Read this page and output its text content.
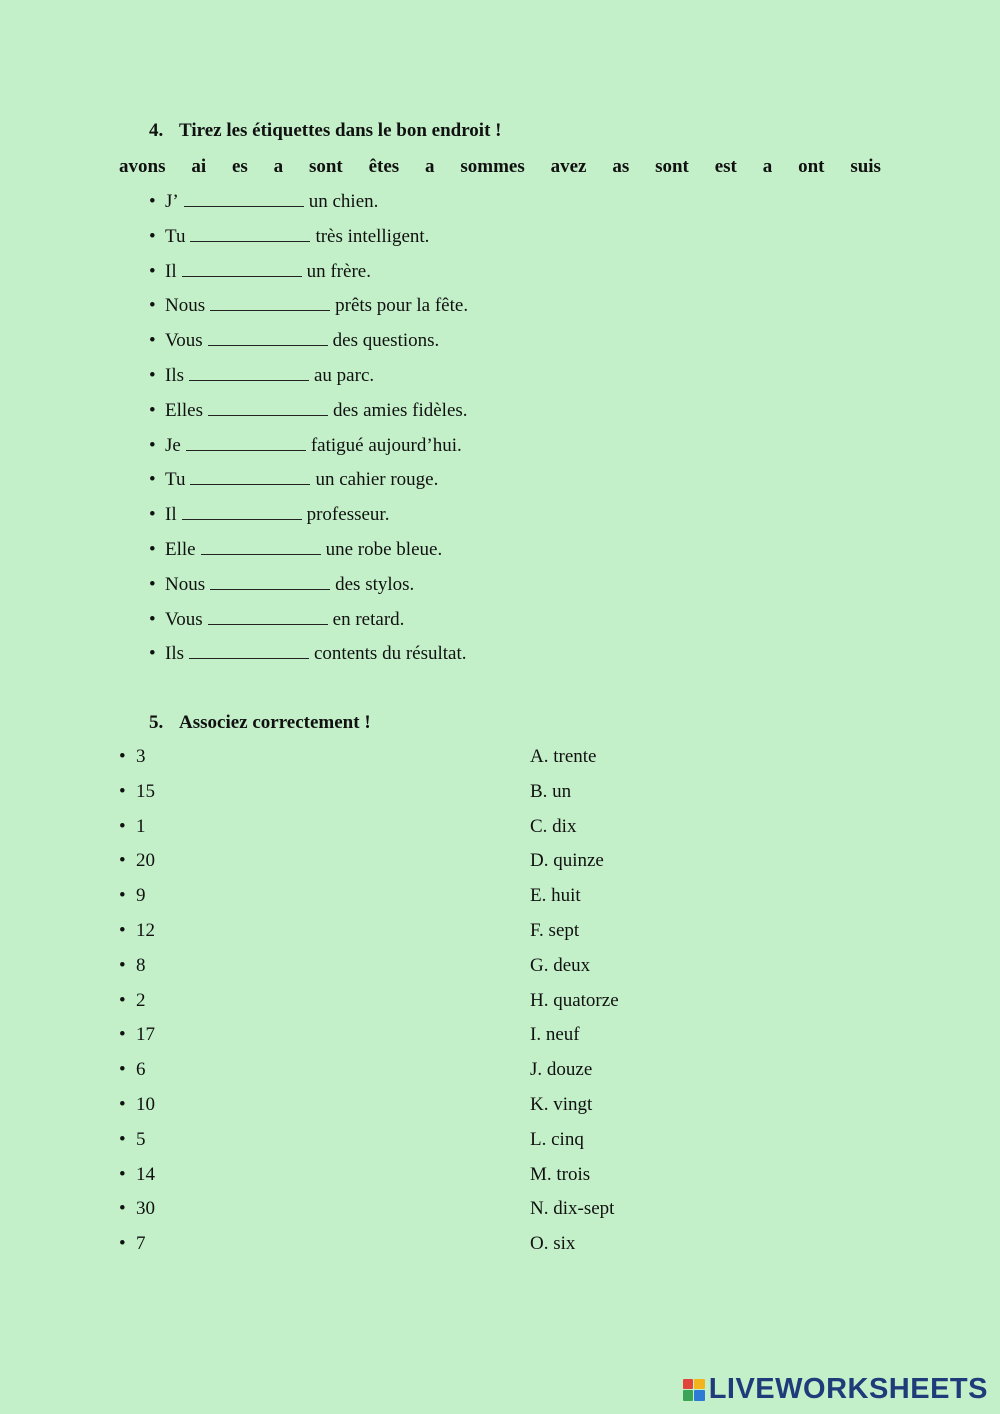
4. Tirez les étiquettes dans le bon endroit !
avons ai es a sont êtes a sommes avez as sont est a ont suis
• J’	un chien.
• Tu	très intelligent.
• Il	un frère.
• Nous	prêts pour la fête.
• Vous	des questions.
• Ils	au parc.
• Elles	des amies fidèles.
• Je	fatigué aujourd’hui.
• Tu	un cahier rouge.
• Il	professeur.
• Elle	une robe bleue.
• Nous	des stylos.
• Vous	en retard.
• Ils	contents du résultat.
5. Associez correctement !
• 3	A. trente
• 15	B. un
• 1	C. dix
• 20	D. quinze
• 9	E. huit
• 12	F. sept
• 8	G. deux
• 2	H. quatorze
• 17	I. neuf
• 6	J. douze
• 10	K. vingt
• 5	L. cinq
• 14	M. trois
• 30	N. dix-sept
• 7	O. six
LIVEWORKSHEETS
